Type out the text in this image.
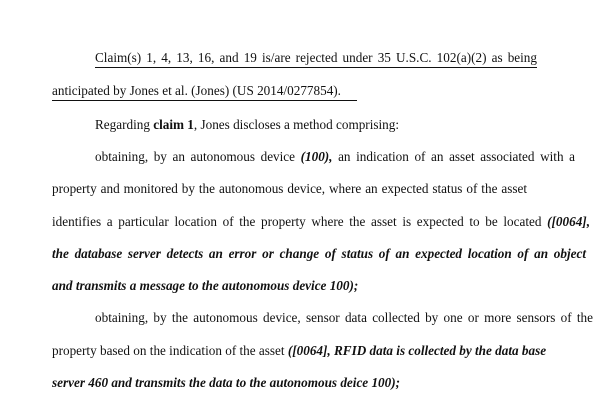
Claim(s) 1, 4, 13, 16, and 19 is/are rejected under 35 U.S.C. 102(a)(2) as being
anticipated by Jones et al. (Jones) (US 2014/0277854).
Regarding claim 1, Jones discloses a method comprising:
obtaining, by an autonomous device (100), an indication of an asset associated with a
property and monitored by the autonomous device, where an expected status of the asset
identifies a particular location of the property where the asset is expected to be located ([0064],
the database server detects an error or change of status of an expected location of an object
and transmits a message to the autonomous device 100);
obtaining, by the autonomous device, sensor data collected by one or more sensors of the
property based on the indication of the asset ([0064], RFID data is collected by the data base
server 460 and transmits the data to the autonomous deice 100);
